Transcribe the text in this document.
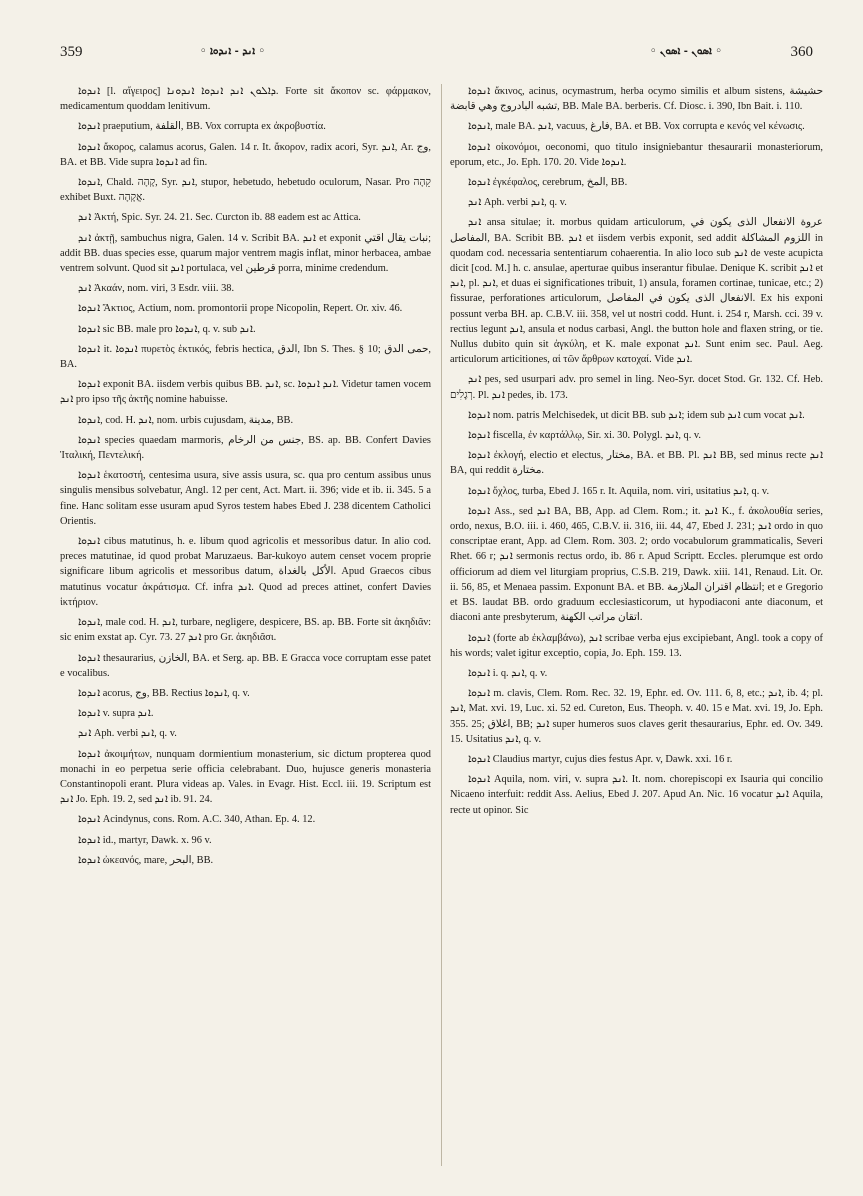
359	◦ ܐܢܕ - ܐܢܕܘܐ ◦	◦ ܐܣܘܢ - ܐܣܘܢ ◦	360

ܐܢܕܘܐ [l. αἴγειρος] ܕܐܠܘܢ ܐܢܕ ܐܢܕܘܐ ܐܢܕܘܢܐ. Forte sit ἄκοπον sc. φάρμακον, medicamentum quoddam lenitivum.

ܐܢܕܘܐ praeputium, القلفة, BB. Vox corrupta ex ἀκροβυστία.

ܐܢܕܘܐ ἄκορος, calamus acorus, Galen. 14 r. It. ἄκορον, radix acori, Syr. ܐܢܕ, Ar. وج, BA. et BB. Vide supra ܐܢܕܘܐ ad fin.

ܐܢܕܘܐ, Chald. קָהָה, Syr. ܐܢܕ, stupor, hebetudo, hebetudo oculorum, Nasar. Pro קֵהָה exhibet Buxt. אֲקָהָה.

ܐܢܕ Ἀκτή, Spic. Syr. 24. 21. Sec. Curcton ib. 88 eadem est ac Attica.

ܐܢܕ ἀκτῇ, sambuchus nigra, Galen. 14 v. Scribit BA. ܐܢܕ et exponit نبات يقال اقتي; addit BB. duas species esse, quarum major ventrem magis inflat, minor herbacea, ambae ventrem solvunt. Quod sit ܐܢܕ portulaca, vel قرطين porra, minime credendum.

ܐܢܕ Ἀκαάν, nom. viri, 3 Esdr. viii. 38.

ܐܢܕܘܐ Ἄκτιος, Actium, nom. promontorii prope Nicopolin, Repert. Or. xiv. 46.

ܐܢܕܘܐ sic BB. male pro ܐܢܕܘܐ, q. v. sub ܐܢܕ.

ܐܢܕܘܐ it. ܐܢܕܘܐ πυρετὸς ἑκτικός, febris hectica, الدق, Ibn S. Thes. § 10; حمى الدق, BA.

ܐܢܕܘܐ exponit BA. iisdem verbis quibus BB. ܐܢܕ, sc. ܐܢܕ ܐܢܕܘܐ. Videtur tamen vocem ܐܢܕ pro ipso τῆς ἀκτῆς nomine habuisse.

ܐܢܕܘܐ, cod. H. ܐܢܕ, nom. urbis cujusdam, مدينة, BB.

ܐܢܕܘܐ species quaedam marmoris, جنس من الرخام, BS. ap. BB. Confert Davies Ἰταλική, Πεντελική.

ܐܢܕܘܐ ἑκατοστή, centesima usura, sive assis usura, sc. qua pro centum assibus unus singulis mensibus solvebatur, Angl. 12 per cent, Act. Mart. ii. 396; vide et ib. ii. 345. 5 a fine. Hanc solitam esse usuram apud Syros testem habes Ebed J. 238 dicentem Catholici Orientis.

ܐܢܕܘܐ cibus matutinus, h. e. libum quod agricolis et messoribus datur. In alio cod. preces matutinae, id quod probat Maruzaeus. Bar-kukoyo autem censet vocem proprie significare libum agricolis et messoribus datum, الأكل بالغداة. Apud Graecos cibus matutinus vocatur ἀκράτισμα. Cf. infra ܐܢܕ. Quod ad preces attinet, confert Davies ἱκτήριον.

ܐܢܕܘܐ, male cod. H. ܐܢܕ, turbare, negligere, despicere, BS. ap. BB. Forte sit ἀκηδιᾶν: sic enim exstat ap. Cyr. 73. 27 ܐܢܕ pro Gr. ἀκηδιᾶσι.

ܐܢܕܘܐ thesaurarius, الخازن, BA. et Serg. ap. BB. E Gracca voce corruptam esse patet e vocalibus.

ܐܢܕܘܐ acorus, وج, BB. Rectius ܐܢܕܘܐ, q. v.

ܐܢܕܘܐ v. supra ܐܢܕ.

ܐܢܕ Aph. verbi ܐܢܕ, q. v.

ܐܢܕܘܐ ἀκοιμήτων, nunquam dormientium monasterium, sic dictum propterea quod monachi in eo perpetua serie officia celebrabant. Duo, hujusce generis monasteria Constantinopoli erant. Plura videas ap. Vales. in Evagr. Hist. Eccl. iii. 19. Scriptum est ܐܢܕ Jo. Eph. 19. 2, sed ܐܢܕ ib. 91. 24.

ܐܢܕܘܐ Acindynus, cons. Rom. A.C. 340, Athan. Ep. 4. 12.

ܐܢܕܘܐ id., martyr, Dawk. x. 96 v.

ܐܢܕܘܐ ὠκεανός, mare, البحر, BB.

ܐܢܕܘܐ ἄκινος, acinus, ocymastrum, herba ocymo similis et album sistens, حشيشة تشبه البادروج وهي قابضة, BB. Male BA. berberis. Cf. Diosc. i. 390, Ibn Bait. i. 110.

ܐܢܕܘܐ, male BA. ܐܢܕ, vacuus, فارغ, BA. et BB. Vox corrupta e κενός vel κένωσις.

ܐܢܕܘܐ οἰκονόμοι, oeconomi, quo titulo insigniebantur thesaurarii monasteriorum, eporum, etc., Jo. Eph. 170. 20. Vide ܐܢܕܘܐ.

ܐܢܕܘܐ ἐγκέφαλος, cerebrum, المخ, BB.

ܐܢܕ Aph. verbi ܐܢܕ, q. v.

ܐܢܕ ansa situlae; it. morbus quidam articulorum, عروة الانفعال الذى يكون في المفاصل, BA. Scribit BB. ܐܢܕ et iisdem verbis exponit, sed addit اللزوم المشاكلة in quodam cod. necessaria sententiarum cohaerentia. In alio loco sub ܐܢܕ de veste acupicta dicit [cod. M.] h. c. ansulae, aperturae quibus inserantur fibulae. Denique K. scribit ܐܢܕ et ܐܢܕ, pl. ܐܢܕ, et duas ei significationes tribuit, 1) ansula, foramen cortinae, tunicae, etc.; 2) fissurae, perforationes articulorum, الانفعال الذى يكون في المفاصل. Ex his exponi possunt verba BH. ap. C.B.V. iii. 358, vel ut nostri codd. Hunt. i. 254 r, Marsh. cci. 39 v. rectius legunt ܐܢܕ, ansula et nodus carbasi, Angl. the button hole and flaxen string, or tie. Nullus dubito quin sit ἀγκύλη, et K. male exponat ܐܢܕ. Sunt enim sec. Paul. Aeg. articulorum articitiones, αἱ τῶν ἄρθρων κατοχαί. Vide ܐܢܕ.

ܐܢܕ pes, sed usurpari adv. pro semel in ling. Neo-Syr. docet Stod. Gr. 132. Cf. Heb. רְגָלִים. Pl. ܐܢܕ pedes, ib. 173.

ܐܢܕܘܐ nom. patris Melchisedek, ut dicit BB. sub ܐܢܕ; idem sub ܐܢܕ cum vocat ܐܢܕ.

ܐܢܕܘܐ fiscella, ἐν καρτάλλῳ, Sir. xi. 30. Polygl. ܐܢܕ, q. v.

ܐܢܕܘܐ ἐκλογή, electio et electus, مختار, BA. et BB. Pl. ܐܢܕ BB, sed minus recte ܐܢܕ BA, qui reddit مختارة.

ܐܢܕܘܐ ὄχλος, turba, Ebed J. 165 r. It. Aquila, nom. viri, usitatius ܐܢܕ, q. v.

ܐܢܕܘܐ Ass., sed ܐܢܕ BA, BB, App. ad Clem. Rom.; it. ܐܢܕ K., f. ἀκολουθία series, ordo, nexus, B.O. iii. i. 460, 465, C.B.V. ii. 316, iii. 44, 47, Ebed J. 231; ܐܢܕ ordo in quo conscriptae erant, App. ad Clem. Rom. 303. 2; ordo vocabulorum grammaticalis, Severi Rhet. 66 r; ܐܢܕ sermonis rectus ordo, ib. 86 r. Apud Scriptt. Eccles. plerumque est ordo officiorum ad diem vel liturgiam proprius, C.S.B. 219, Dawk. xiii. 141, Renaud. Lit. Or. ii. 56, 85, et Menaea passim. Exponunt BA. et BB. انتظام اقتران الملازمة; et e Gregorio et BS. laudat BB. ordo graduum ecclesiasticorum, ut hypodiaconi ante diaconum, et diaconi ante presbyterum, اتقان مراتب الكهنة.

ܐܢܕܘܐ (forte ab ἐκλαμβάνω), ܐܢܕ scribae verba ejus excipiebant, Angl. took a copy of his words; valet igitur exceptio, copia, Jo. Eph. 159. 13.

ܐܢܕܘܐ i. q. ܐܢܕ, q. v.

ܐܢܕܘܐ m. clavis, Clem. Rom. Rec. 32. 19, Ephr. ed. Ov. 111. 6, 8, etc.; ܐܢܕ, ib. 4; pl. ܐܢܕ, Mat. xvi. 19, Luc. xi. 52 ed. Cureton, Eus. Theoph. v. 40. 15 e Mat. xvi. 19, Jo. Eph. 355. 25; اغلاق, BB; ܐܢܕ super humeros suos claves gerit thesaurarius, Ephr. ed. Ov. 349. 15. Usitatius ܐܢܕ, q. v.

ܐܢܕܘܐ Claudius martyr, cujus dies festus Apr. v, Dawk. xxi. 16 r.

ܐܢܕܘܐ Aquila, nom. viri, v. supra ܐܢܕ. It. nom. chorepiscopi ex Isauria qui concilio Nicaeno interfuit: reddit Ass. Aelius, Ebed J. 207. Apud An. Nic. 16 vocatur ܐܢܕ Aquila, recte ut opinor. Sic
